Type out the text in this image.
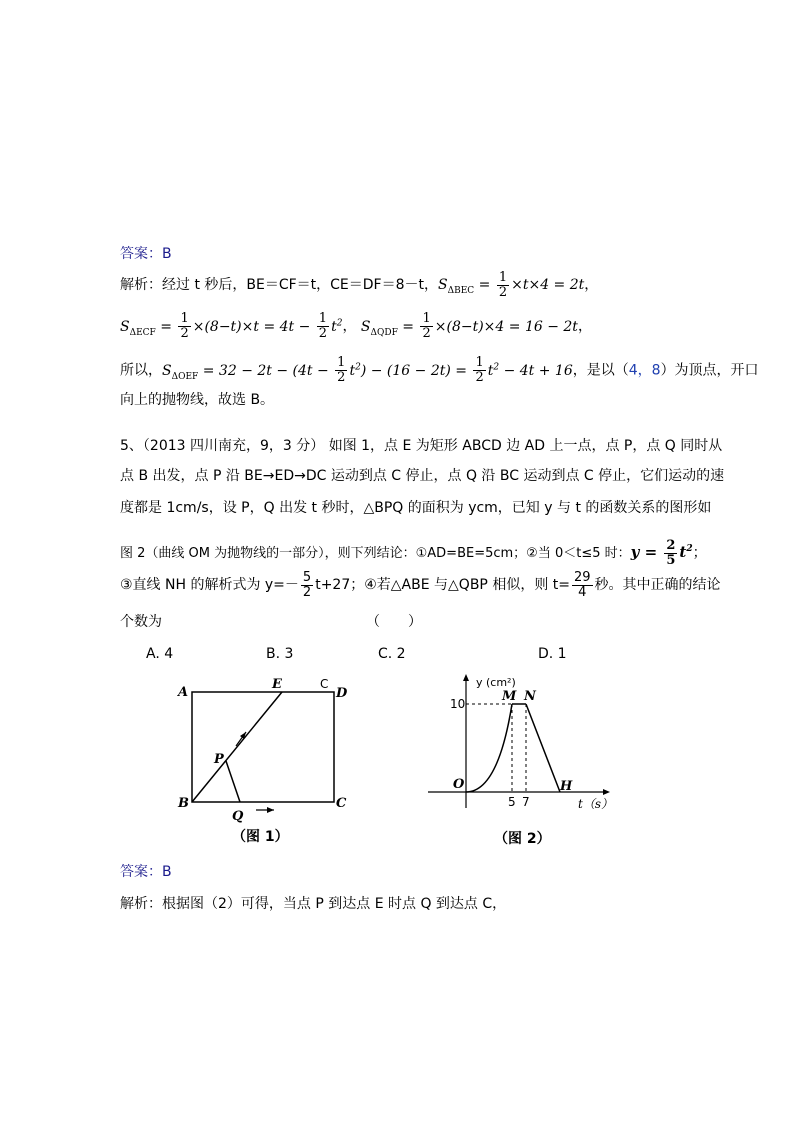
答案：B
解析：经过 t 秒后，BE＝CF＝t，CE＝DF＝8－t，$S_{\Delta BEC} = \frac{1}{2} \times t\times 4 = 2t$，
$S_{\Delta ECF} = \frac{1}{2} \times(8-t)\times t = 4t - \frac{1}{2} t^2$， $S_{\Delta QDF} = \frac{1}{2} \times(8-t)\times 4 = 16 - 2t$，
所以，$S_{\Delta OEF} = 32 - 2t - (4t - \frac{1}{2} t^2) - (16 - 2t) = \frac{1}{2} t^2 - 4t + 16$，是以（4，8）为顶点，开口
向上的抛物线，故选 B。
5、（2013 四川南充，9，3 分） 如图 1，点 E 为矩形 ABCD 边 AD 上一点，点 P，点 Q 同时从
点 B 出发，点 P 沿 BE→ED→DC 运动到点 C 停止，点 Q 沿 BC 运动到点 C 停止，它们运动的速
度都是 1cm/s，设 P，Q 出发 t 秒时，△BPQ 的面积为 ycm，已知 y 与 t 的函数关系的图形如
图 2（曲线 OM 为抛物线的一部分），则下列结论：①AD=BE=5cm；②当 0＜t≤5 时：$y = \frac{2}{5} t^2$；
③直线 NH 的解析式为 $y=- \frac{5}{2} t+27$；④若△ABE 与△QBP 相似，则 $t= \frac{29}{4}$ 秒。其中正确的结论
个数为	（　　）
A. 4	B. 3	C. 2	D. 1
A
E	C
D
P
B
Q
C
（图 1）
y (cm²)
10	M N
O	H
5 7	t（s）
（图 2）
答案：B
解析：根据图（2）可得，当点 P 到达点 E 时点 Q 到达点 C，
